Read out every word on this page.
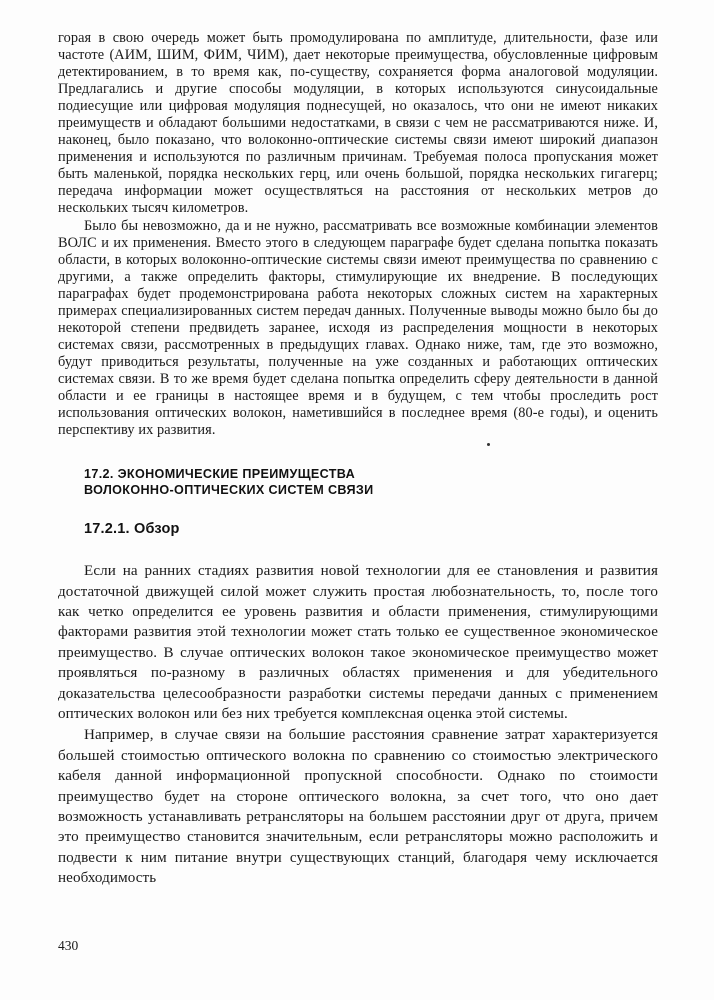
горая в свою очередь может быть промодулирована по амплитуде, длительности, фазе или частоте (АИМ, ШИМ, ФИМ, ЧИМ), дает некоторые преимущества, обусловленные цифровым детектированием, в то время как, по-существу, сохраняется форма аналоговой модуляции. Предлагались и другие способы модуляции, в которых используются синусоидальные подиесущие или цифровая модуляция поднесущей, но оказалось, что они не имеют никаких преимуществ и обладают большими недостатками, в связи с чем не рассматриваются ниже. И, наконец, было показано, что волоконно-оптические системы связи имеют широкий диапазон применения и используются по различным причинам. Требуемая полоса пропускания может быть маленькой, порядка нескольких герц, или очень большой, порядка нескольких гигагерц; передача информации может осуществляться на расстояния от нескольких метров до нескольких тысяч километров.

Было бы невозможно, да и не нужно, рассматривать все возможные комбинации элементов ВОЛС и их применения. Вместо этого в следующем параграфе будет сделана попытка показать области, в которых волоконно-оптические системы связи имеют преимущества по сравнению с другими, а также определить факторы, стимулирующие их внедрение. В последующих параграфах будет продемонстрирована работа некоторых сложных систем на характерных примерах специализированных систем передач данных. Полученные выводы можно было бы до некоторой степени предвидеть заранее, исходя из распределения мощности в некоторых системах связи, рассмотренных в предыдущих главах. Однако ниже, там, где это возможно, будут приводиться результаты, полученные на уже созданных и работающих оптических системах связи. В то же время будет сделана попытка определить сферу деятельности в данной области и ее границы в настоящее время и в будущем, с тем чтобы проследить рост использования оптических волокон, наметившийся в последнее время (80-е годы), и оценить перспективу их развития.

17.2. ЭКОНОМИЧЕСКИЕ ПРЕИМУЩЕСТВА
ВОЛОКОННО-ОПТИЧЕСКИХ СИСТЕМ СВЯЗИ
17.2.1. Обзор

Если на ранних стадиях развития новой технологии для ее становления и развития достаточной движущей силой может служить простая любознательность, то, после того как четко определится ее уровень развития и области применения, стимулирующими факторами развития этой технологии может стать только ее существенное экономическое преимущество. В случае оптических волокон такое экономическое преимущество может проявляться по-разному в различных областях применения и для убедительного доказательства целесообразности разработки системы передачи данных с применением оптических волокон или без них требуется комплексная оценка этой системы.

Например, в случае связи на большие расстояния сравнение затрат характеризуется большей стоимостью оптического волокна по сравнению со стоимостью электрического кабеля данной информационной пропускной способности. Однако по стоимости преимущество будет на стороне оптического волокна, за счет того, что оно дает возможность устанавливать ретрансляторы на большем расстоянии друг от друга, причем это преимущество становится значительным, если ретрансляторы можно расположить и подвести к ним питание внутри существующих станций, благодаря чему исключается необходимость

430
